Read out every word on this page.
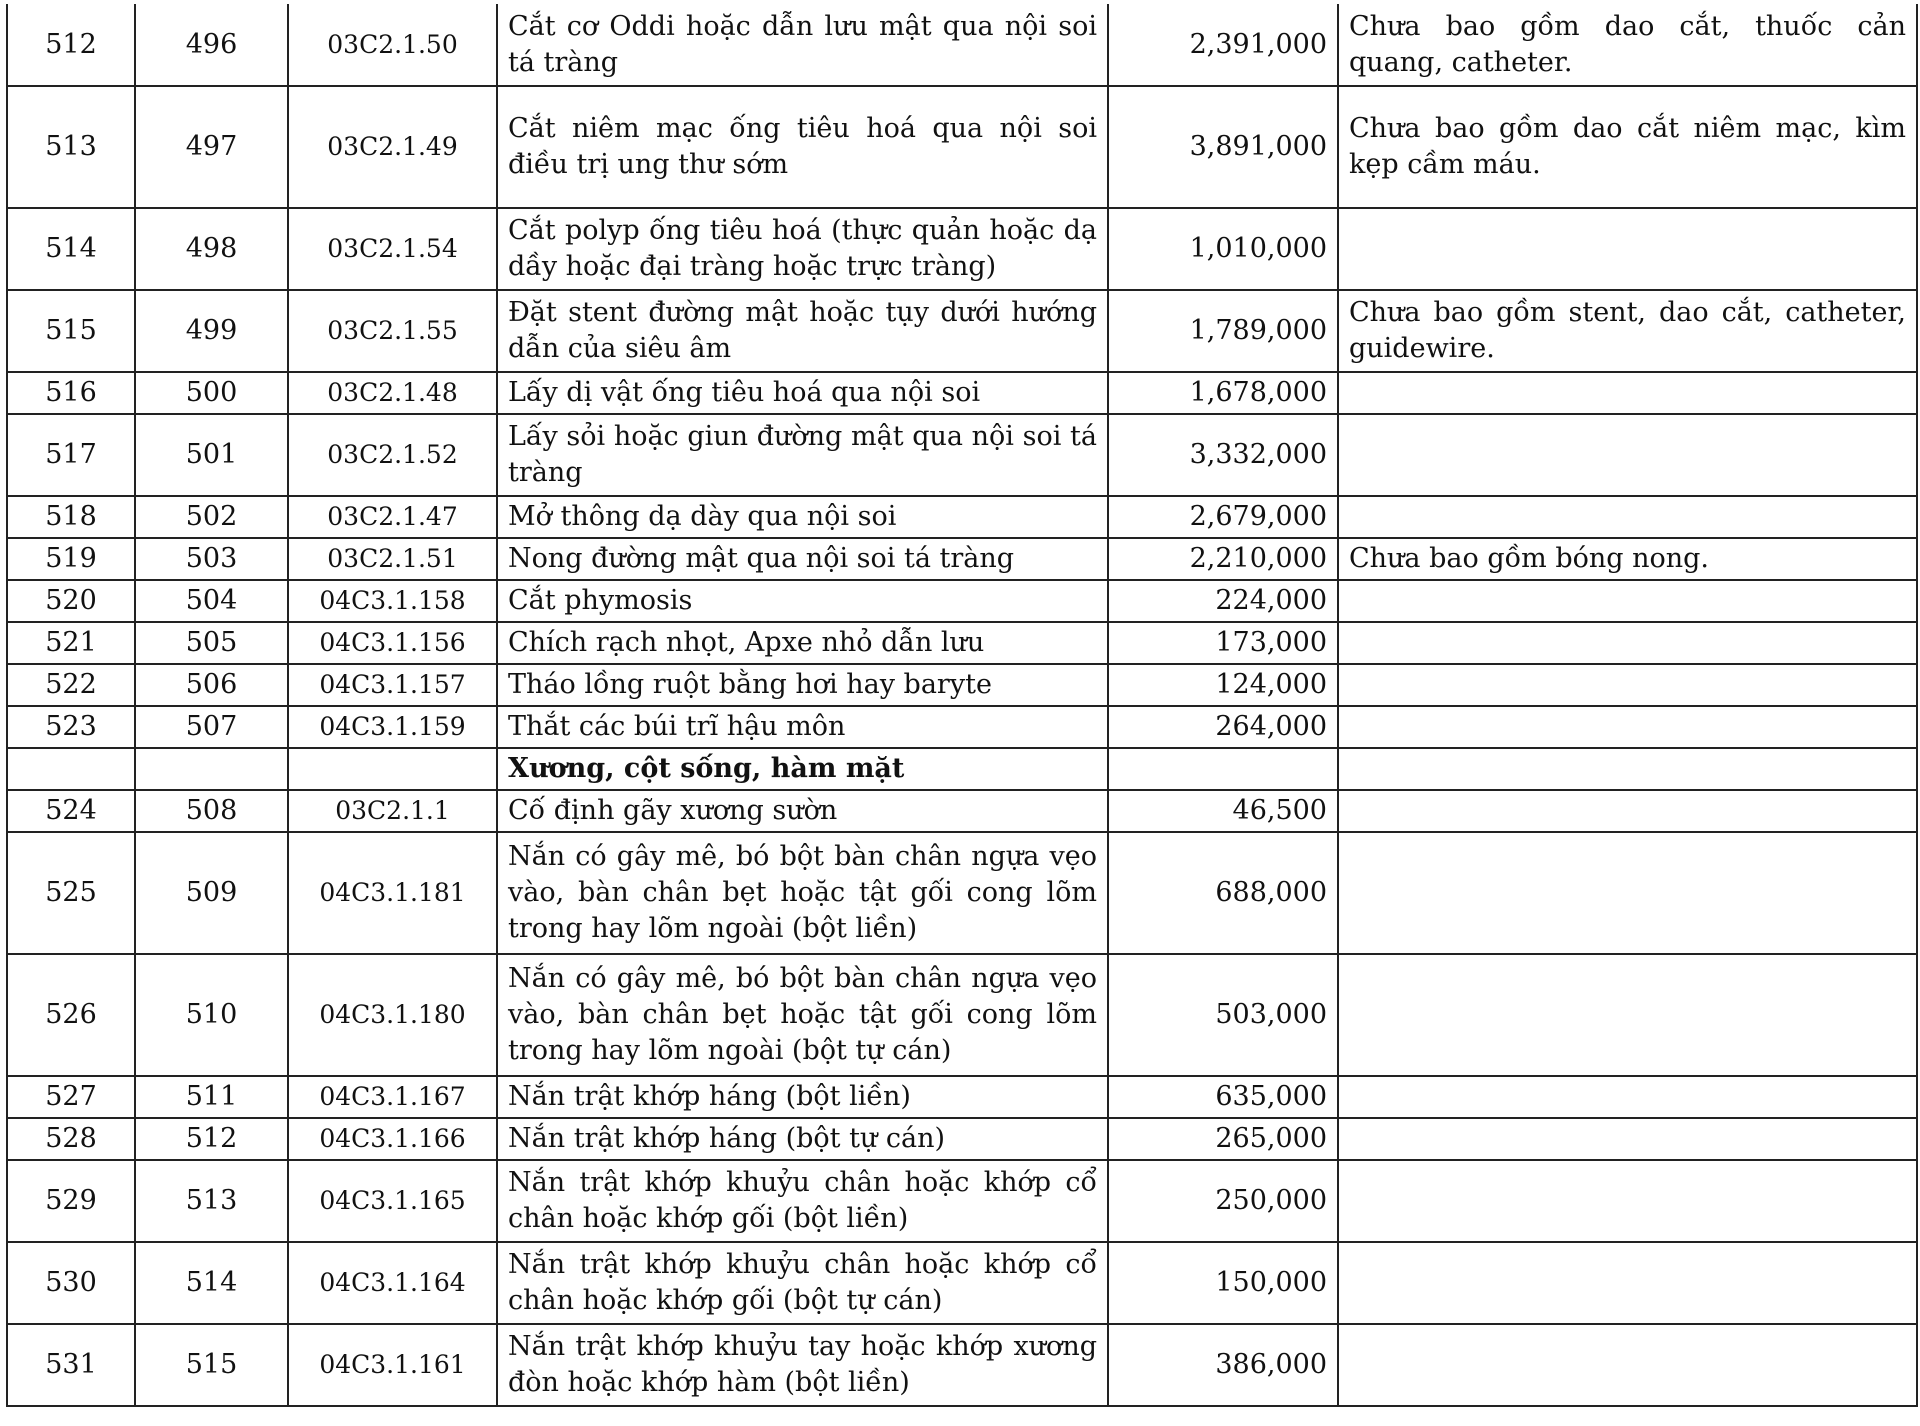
512	496	03C2.1.50	Cắt cơ Oddi hoặc dẫn lưu mật qua nội soi tá tràng	2,391,000	Chưa bao gồm dao cắt, thuốc cản quang, catheter.
513	497	03C2.1.49	Cắt niêm mạc ống tiêu hoá qua nội soi điều trị ung thư sớm	3,891,000	Chưa bao gồm dao cắt niêm mạc, kìm kẹp cầm máu.
514	498	03C2.1.54	Cắt polyp ống tiêu hoá (thực quản hoặc dạ dầy hoặc đại tràng hoặc trực tràng)	1,010,000	
515	499	03C2.1.55	Đặt stent đường mật hoặc tụy dưới hướng dẫn của siêu âm	1,789,000	Chưa bao gồm stent, dao cắt, catheter, guidewire.
516	500	03C2.1.48	Lấy dị vật ống tiêu hoá qua nội soi	1,678,000	
517	501	03C2.1.52	Lấy sỏi hoặc giun đường mật qua nội soi tá tràng	3,332,000	
518	502	03C2.1.47	Mở thông dạ dày qua nội soi	2,679,000	
519	503	03C2.1.51	Nong đường mật qua nội soi tá tràng	2,210,000	Chưa bao gồm bóng nong.
520	504	04C3.1.158	Cắt phymosis	224,000	
521	505	04C3.1.156	Chích rạch nhọt, Apxe nhỏ dẫn lưu	173,000	
522	506	04C3.1.157	Tháo lồng ruột bằng hơi hay baryte	124,000	
523	507	04C3.1.159	Thắt các búi trĩ hậu môn	264,000	
			Xương, cột sống, hàm mặt		
524	508	03C2.1.1	Cố định gãy xương sườn	46,500	
525	509	04C3.1.181	Nắn có gây mê, bó bột bàn chân ngựa vẹo vào, bàn chân bẹt hoặc tật gối cong lõm trong hay lõm ngoài (bột liền)	688,000	
526	510	04C3.1.180	Nắn có gây mê, bó bột bàn chân ngựa vẹo vào, bàn chân bẹt hoặc tật gối cong lõm trong hay lõm ngoài (bột tự cán)	503,000	
527	511	04C3.1.167	Nắn trật khớp háng (bột liền)	635,000	
528	512	04C3.1.166	Nắn trật khớp háng (bột tự cán)	265,000	
529	513	04C3.1.165	Nắn trật khớp khuỷu chân hoặc khớp cổ chân hoặc khớp gối (bột liền)	250,000	
530	514	04C3.1.164	Nắn trật khớp khuỷu chân hoặc khớp cổ chân hoặc khớp gối (bột tự cán)	150,000	
531	515	04C3.1.161	Nắn trật khớp khuỷu tay hoặc khớp xương đòn hoặc khớp hàm (bột liền)	386,000	
